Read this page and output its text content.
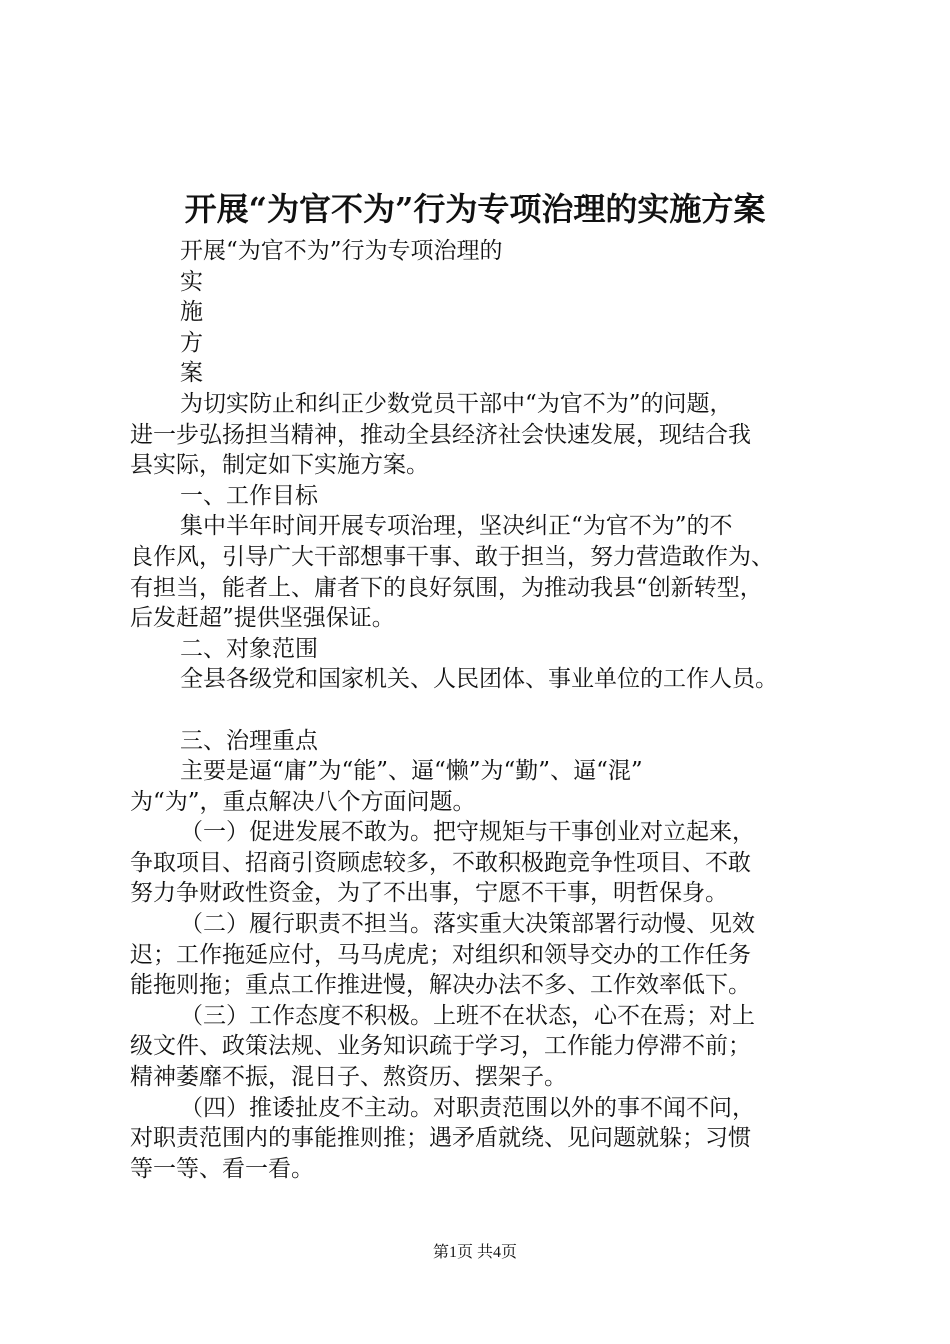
开展“为官不为”行为专项治理的实施方案
开展“为官不为”行为专项治理的
实
施
方
案
为切实防止和纠正少数党员干部中“为官不为”的问题，
进一步弘扬担当精神，推动全县经济社会快速发展，现结合我
县实际，制定如下实施方案。
一、工作目标
集中半年时间开展专项治理，坚决纠正“为官不为”的不
良作风，引导广大干部想事干事、敢于担当，努力营造敢作为、
有担当，能者上、庸者下的良好氛围，为推动我县“创新转型，
后发赶超”提供坚强保证。
二、对象范围
全县各级党和国家机关、人民团体、事业单位的工作人员。
三、治理重点
主要是逼“庸”为“能”、逼“懒”为“勤”、逼“混”
为“为”，重点解决八个方面问题。
（一）促进发展不敢为。把守规矩与干事创业对立起来，
争取项目、招商引资顾虑较多，不敢积极跑竞争性项目、不敢
努力争财政性资金，为了不出事，宁愿不干事，明哲保身。
（二）履行职责不担当。落实重大决策部署行动慢、见效
迟；工作拖延应付，马马虎虎；对组织和领导交办的工作任务
能拖则拖；重点工作推进慢，解决办法不多、工作效率低下。
（三）工作态度不积极。上班不在状态，心不在焉；对上
级文件、政策法规、业务知识疏于学习，工作能力停滞不前；
精神萎靡不振，混日子、熬资历、摆架子。
（四）推诿扯皮不主动。对职责范围以外的事不闻不问，
对职责范围内的事能推则推；遇矛盾就绕、见问题就躲；习惯
等一等、看一看。
第1页 共4页
